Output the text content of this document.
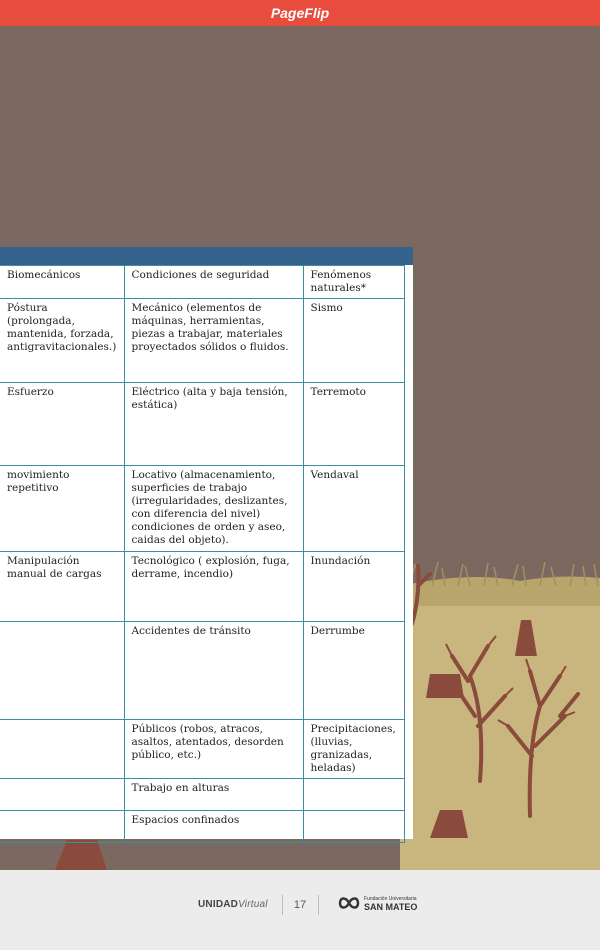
PageFlip
Biomecánicos	Condiciones de seguridad	Fenómenos naturales*
Póstura (prolongada, mantenida, forzada, antigravitacionales.)	Mecánico (elementos de máquinas, herramientas, piezas a trabajar, materiales proyectados sólidos o fluidos.	Sismo
Esfuerzo	Eléctrico (alta y baja tensión, estática)	Terremoto
movimiento repetitivo	Locativo (almacenamiento, superficies de trabajo (irregularidades, deslizantes, con diferencia del nivel) condiciones de orden y aseo, caidas del objeto).	Vendaval
Manipulación manual de cargas	Tecnológico ( explosión, fuga, derrame, incendio)	Inundación
	Accidentes de tránsito	Derrumbe
	Públicos (robos, atracos, asaltos, atentados, desorden público, etc.)	Precipitaciones, (lluvias, granizadas, heladas)
	Trabajo en alturas	
	Espacios confinados	
UNIDADVirtual	17	Fundación Universitaria
SAN MATEO
